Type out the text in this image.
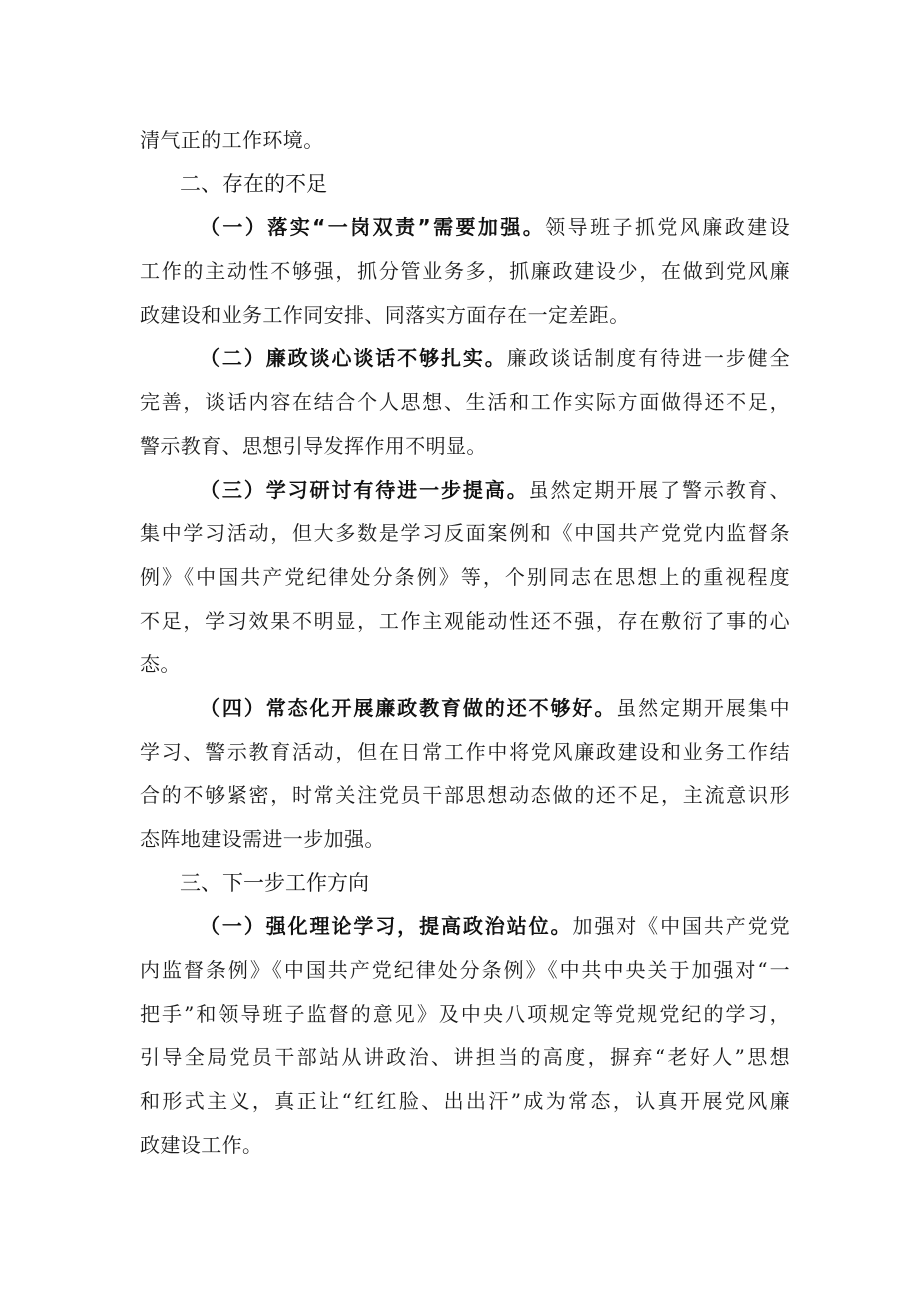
清气正的工作环境。
二、存在的不足
（一）落实“一岗双责”需要加强。领导班子抓党风廉政建设
工作的主动性不够强，抓分管业务多，抓廉政建设少，在做到党风廉
政建设和业务工作同安排、同落实方面存在一定差距。
（二）廉政谈心谈话不够扎实。廉政谈话制度有待进一步健全
完善，谈话内容在结合个人思想、生活和工作实际方面做得还不足，
警示教育、思想引导发挥作用不明显。
（三）学习研讨有待进一步提高。虽然定期开展了警示教育、
集中学习活动，但大多数是学习反面案例和《中国共产党党内监督条
例》《中国共产党纪律处分条例》等，个别同志在思想上的重视程度
不足，学习效果不明显，工作主观能动性还不强，存在敷衍了事的心
态。
（四）常态化开展廉政教育做的还不够好。虽然定期开展集中
学习、警示教育活动，但在日常工作中将党风廉政建设和业务工作结
合的不够紧密，时常关注党员干部思想动态做的还不足，主流意识形
态阵地建设需进一步加强。
三、下一步工作方向
（一）强化理论学习，提高政治站位。加强对《中国共产党党
内监督条例》《中国共产党纪律处分条例》《中共中央关于加强对“一
把手”和领导班子监督的意见》及中央八项规定等党规党纪的学习，
引导全局党员干部站从讲政治、讲担当的高度，摒弃“老好人”思想
和形式主义，真正让“红红脸、出出汗”成为常态，认真开展党风廉
政建设工作。
